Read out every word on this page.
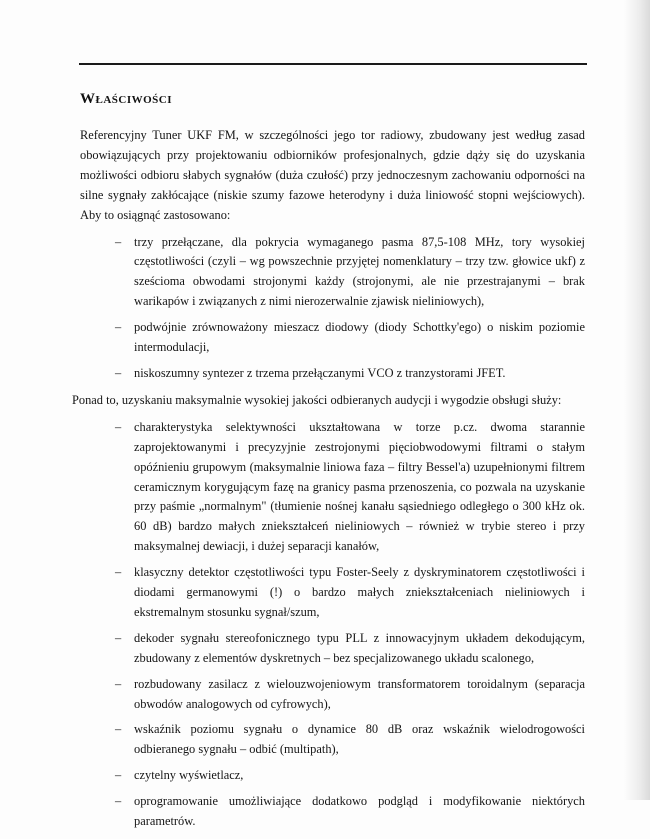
Właściwości

Referencyjny Tuner UKF FM, w szczególności jego tor radiowy, zbudowany jest według zasad obowiązujących przy projektowaniu odbiorników profesjonalnych, gdzie dąży się do uzyskania możliwości odbioru słabych sygnałów (duża czułość) przy jednoczesnym zachowaniu odporności na silne sygnały zakłócające (niskie szumy fazowe heterodyny i duża liniowość stopni wejściowych). Aby to osiągnąć zastosowano:

– trzy przełączane, dla pokrycia wymaganego pasma 87,5-108 MHz, tory wysokiej częstotliwości (czyli – wg powszechnie przyjętej nomenklatury – trzy tzw. głowice ukf) z sześcioma obwodami strojonymi każdy (strojonymi, ale nie przestrajanymi – brak warikapów i związanych z nimi nierozerwalnie zjawisk nieliniowych),
– podwójnie zrównoważony mieszacz diodowy (diody Schottky'ego) o niskim poziomie intermodulacji,
– niskoszumny syntezer z trzema przełączanymi VCO z tranzystorami JFET.

Ponad to, uzyskaniu maksymalnie wysokiej jakości odbieranych audycji i wygodzie obsługi służy:

– charakterystyka selektywności ukształtowana w torze p.cz. dwoma starannie zaprojektowanymi i precyzyjnie zestrojonymi pięciobwodowymi filtrami o stałym opóźnieniu grupowym (maksymalnie liniowa faza – filtry Bessel'a) uzupełnionymi filtrem ceramicznym korygującym fazę na granicy pasma przenoszenia, co pozwala na uzyskanie przy paśmie „normalnym" (tłumienie nośnej kanału sąsiedniego odległego o 300 kHz ok. 60 dB) bardzo małych zniekształceń nieliniowych – również w trybie stereo i przy maksymalnej dewiacji, i dużej separacji kanałów,
– klasyczny detektor częstotliwości typu Foster-Seely z dyskryminatorem częstotliwości i diodami germanowymi (!) o bardzo małych zniekształceniach nieliniowych i ekstremalnym stosunku sygnał/szum,
– dekoder sygnału stereofonicznego typu PLL z innowacyjnym układem dekodującym, zbudowany z elementów dyskretnych – bez specjalizowanego układu scalonego,
– rozbudowany zasilacz z wielouzwojeniowym transformatorem toroidalnym (separacja obwodów analogowych od cyfrowych),
– wskaźnik poziomu sygnału o dynamice 80 dB oraz wskaźnik wielodrogowości odbieranego sygnału – odbić (multipath),
– czytelny wyświetlacz,
– oprogramowanie umożliwiające dodatkowo podgląd i modyfikowanie niektórych parametrów.
